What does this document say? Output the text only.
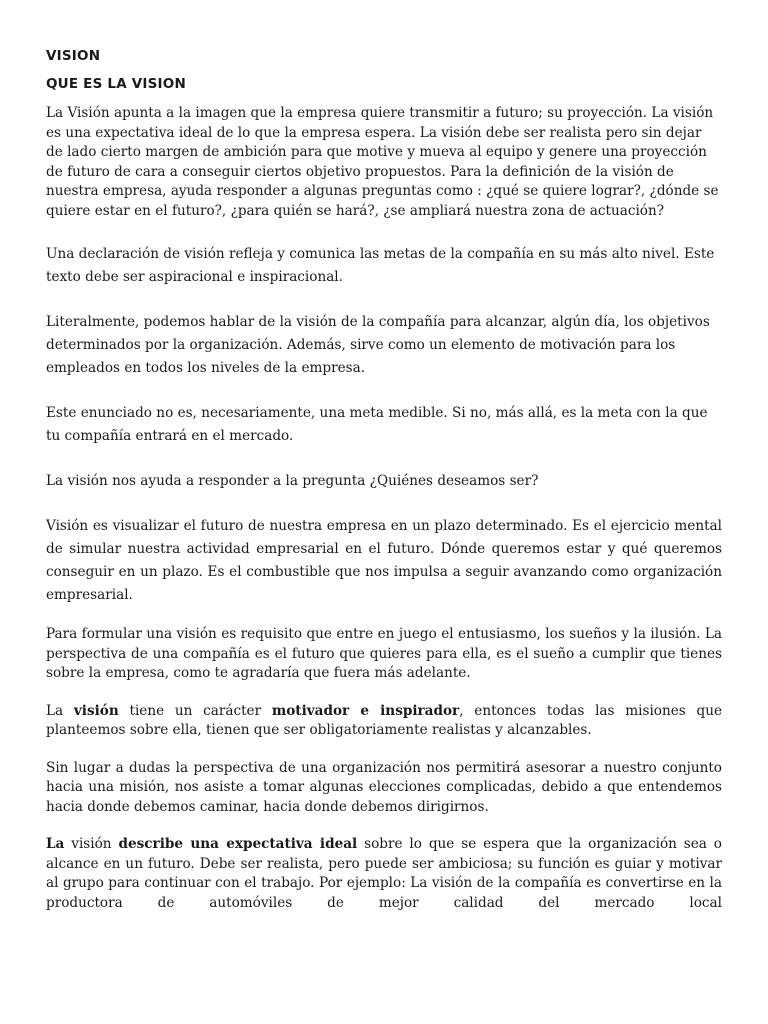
VISION
QUE ES LA VISION

La Visión apunta a la imagen que la empresa quiere transmitir a futuro; su proyección. La visión es una expectativa ideal de lo que la empresa espera. La visión debe ser realista pero sin dejar de lado cierto margen de ambición para que motive y mueva al equipo y genere una proyección de futuro de cara a conseguir ciertos objetivo propuestos. Para la definición de la visión de nuestra empresa, ayuda responder a algunas preguntas como : ¿qué se quiere lograr?, ¿dónde se quiere estar en el futuro?, ¿para quién se hará?, ¿se ampliará nuestra zona de actuación?

Una declaración de visión refleja y comunica las metas de la compañía en su más alto nivel. Este texto debe ser aspiracional e inspiracional.

Literalmente, podemos hablar de la visión de la compañía para alcanzar, algún día, los objetivos determinados por la organización. Además, sirve como un elemento de motivación para los empleados en todos los niveles de la empresa.

Este enunciado no es, necesariamente, una meta medible. Si no, más allá, es la meta con la que tu compañía entrará en el mercado.

La visión nos ayuda a responder a la pregunta ¿Quiénes deseamos ser?

Visión es visualizar el futuro de nuestra empresa en un plazo determinado. Es el ejercicio mental de simular nuestra actividad empresarial en el futuro. Dónde queremos estar y qué queremos conseguir en un plazo. Es el combustible que nos impulsa a seguir avanzando como organización empresarial.

Para formular una visión es requisito que entre en juego el entusiasmo, los sueños y la ilusión. La perspectiva de una compañía es el futuro que quieres para ella, es el sueño a cumplir que tienes sobre la empresa, como te agradaría que fuera más adelante.

La visión tiene un carácter motivador e inspirador, entonces todas las misiones que planteemos sobre ella, tienen que ser obligatoriamente realistas y alcanzables.

Sin lugar a dudas la perspectiva de una organización nos permitirá asesorar a nuestro conjunto hacia una misión, nos asiste a tomar algunas elecciones complicadas, debido a que entendemos hacia donde debemos caminar, hacia donde debemos dirigirnos.

La visión describe una expectativa ideal sobre lo que se espera que la organización sea o alcance en un futuro. Debe ser realista, pero puede ser ambiciosa; su función es guiar y motivar al grupo para continuar con el trabajo. Por ejemplo: La visión de la compañía es convertirse en la productora de automóviles de mejor calidad del mercado local
